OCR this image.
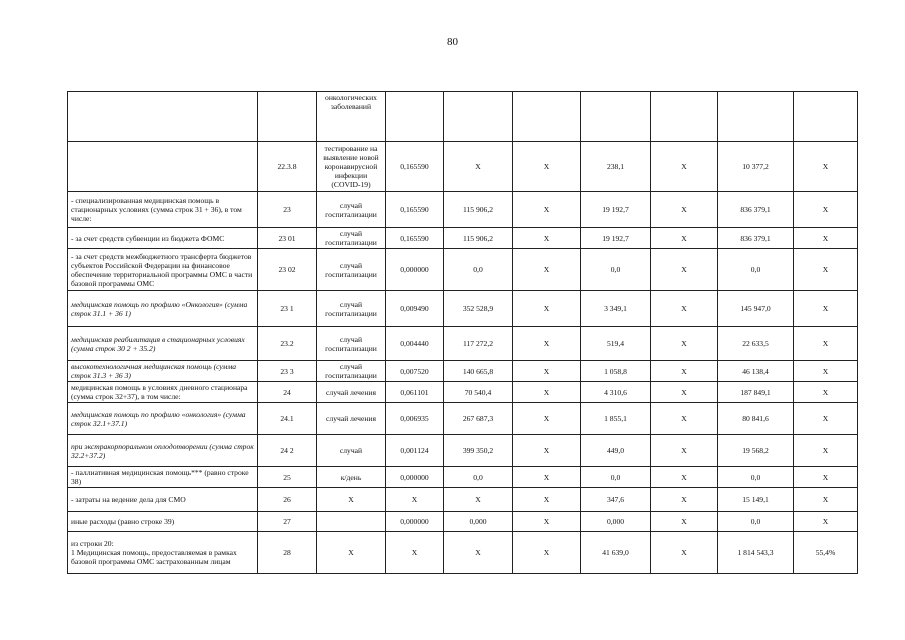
80
		онкологических заболеваний							
	22.3.8	тестирование на выявление новой коронавирусной инфекции (COVID-19)	0,165590	X	X	238,1	X	10 377,2	X
- специализированная медицинская помощь в стационарных условиях (сумма строк 31 + 36), в том числе:	23	случай госпитализации	0,165590	115 906,2	X	19 192,7	X	836 379,1	X
- за счет средств субвенции из бюджета ФОМС	23 01	случай госпитализации	0,165590	115 906,2	X	19 192,7	X	836 379,1	X
- за счет средств межбюджетного трансферта бюджетов субъектов Российской Федерации на финансовое обеспечение территориальной программы ОМС в части базовой программы ОМС	23 02	случай госпитализации	0,000000	0,0	X	0,0	X	0,0	X
медицинская помощь по профилю «Онкология» (сумма строк 31.1 + 36 1)	23 1	случай госпитализации	0,009490	352 528,9	X	3 349,1	X	145 947,0	X
медицинская реабилитация в стационарных условиях (сумма строк 30 2 + 35.2)	23.2	случай госпитализации	0,004440	117 272,2	X	519,4	X	22 633,5	X
высокотехнологичная медицинская помощь (сумма строк 31.3 + 36 3)	23 3	случай госпитализации	0,007520	140 665,8	X	1 058,8	X	46 138,4	X
медицинская помощь в условиях дневного стационара (сумма строк 32+37), в том числе:	24	случай лечения	0,061101	70 540,4	X	4 310,6	X	187 849,1	X
медицинская помощь по профилю «онкология» (сумма строк 32.1+37.1)	24.1	случай лечения	0,006935	267 687,3	X	1 855,1	X	80 841,6	X
при экстракорпоральном оплодотворении (сумма строк 32.2+37.2)	24 2	случай	0,001124	399 350,2	X	449,0	X	19 568,2	X
- паллиативная медицинская помощь*** (равно строке 38)	25	к/день	0,000000	0,0	X	0,0	X	0,0	X
- затраты на ведение дела для СМО	26	X	X	X	X	347,6	X	15 149,1	X
иные расходы (равно строке 39)	27		0,000000	0,000	X	0,000	X	0,0	X
из строки 20:
1 Медицинская помощь, предоставляемая в рамках базовой программы ОМС застрахованным лицам	28	X	X	X	X	41 639,0	X	1 814 543,3	55,4%
